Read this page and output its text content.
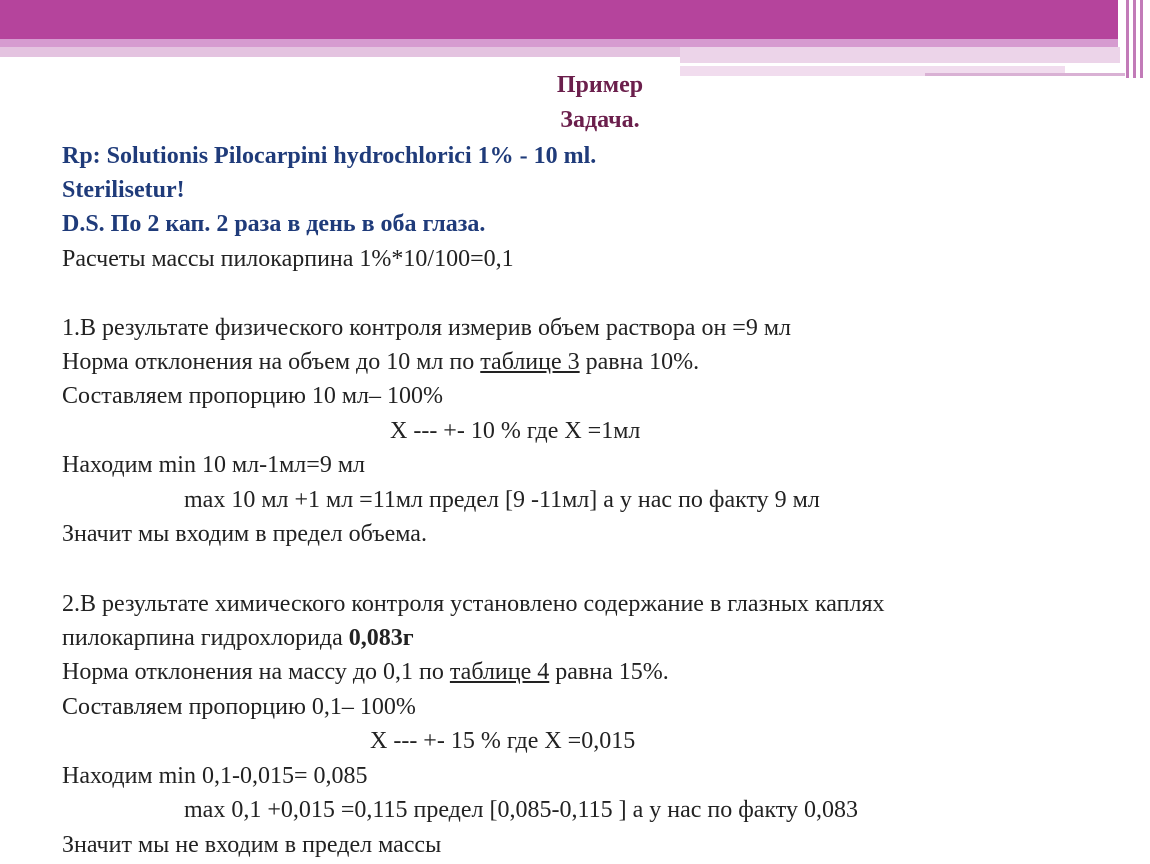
Пример
Задача.
Rp: Solutionis Pilocarpini hydrochlorici 1% - 10 ml.
Sterilisetur!
D.S. По 2 кап. 2 раза в день в оба глаза.
Расчеты массы пилокарпина 1%*10/100=0,1
1.В результате физического контроля измерив объем раствора он =9 мл
Норма отклонения на объем до 10 мл по таблице 3 равна 10%.
Составляем пропорцию 10 мл– 100%
Х --- +- 10 % где Х =1мл
Находим min 10 мл-1мл=9 мл
max 10 мл +1 мл =11мл предел [9 -11мл] а у нас по факту 9 мл
Значит мы входим в предел объема.
2.В результате химического контроля установлено содержание в глазных каплях
пилокарпина гидрохлорида 0,083г
Норма отклонения на массу до 0,1 по таблице 4 равна 15%.
Составляем пропорцию 0,1– 100%
Х --- +- 15 % где Х =0,015
Находим min 0,1-0,015= 0,085
max 0,1 +0,015 =0,115 предел [0,085-0,115 ] а у нас по факту 0,083
Значит мы не входим в предел массы
